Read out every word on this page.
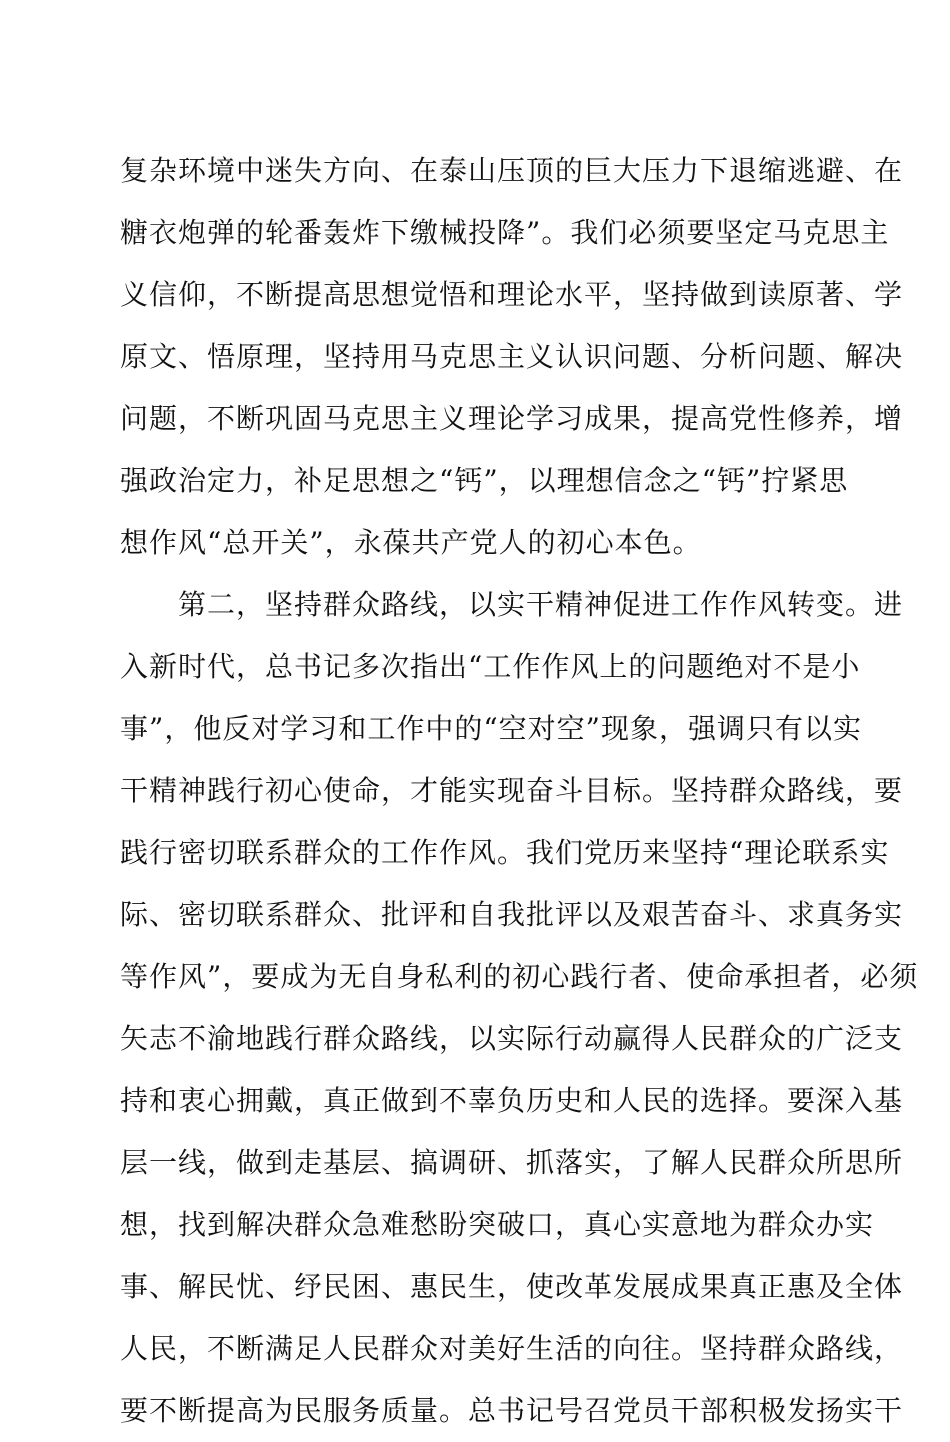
复杂环境中迷失方向、在泰山压顶的巨大压力下退缩逃避、在
糖衣炮弹的轮番轰炸下缴械投降”。我们必须要坚定马克思主
义信仰，不断提高思想觉悟和理论水平，坚持做到读原著、学
原文、悟原理，坚持用马克思主义认识问题、分析问题、解决
问题，不断巩固马克思主义理论学习成果，提高党性修养，增
强政治定力，补足思想之“钙”，以理想信念之“钙”拧紧思
想作风“总开关”，永葆共产党人的初心本色。
　　第二，坚持群众路线，以实干精神促进工作作风转变。进
入新时代，总书记多次指出“工作作风上的问题绝对不是小
事”，他反对学习和工作中的“空对空”现象，强调只有以实
干精神践行初心使命，才能实现奋斗目标。坚持群众路线，要
践行密切联系群众的工作作风。我们党历来坚持“理论联系实
际、密切联系群众、批评和自我批评以及艰苦奋斗、求真务实
等作风”，要成为无自身私利的初心践行者、使命承担者，必须
矢志不渝地践行群众路线，以实际行动赢得人民群众的广泛支
持和衷心拥戴，真正做到不辜负历史和人民的选择。要深入基
层一线，做到走基层、搞调研、抓落实，了解人民群众所思所
想，找到解决群众急难愁盼突破口，真心实意地为群众办实
事、解民忧、纾民困、惠民生，使改革发展成果真正惠及全体
人民，不断满足人民群众对美好生活的向往。坚持群众路线，
要不断提高为民服务质量。总书记号召党员干部积极发扬实干
